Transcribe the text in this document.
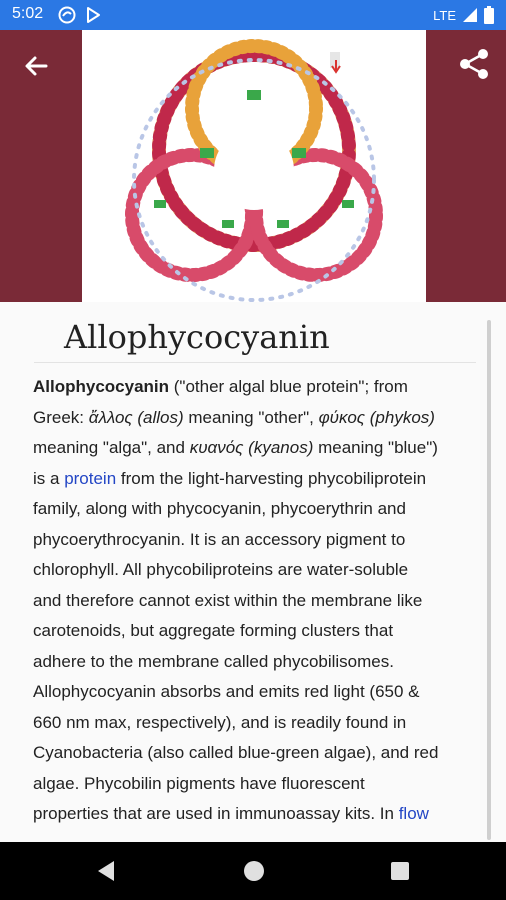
5:02	LTE
Allophycocyanin
Allophycocyanin ("other algal blue protein"; from
Greek: ἄλλος (allos) meaning "other", φύκος (phykos)
meaning "alga", and κυανός (kyanos) meaning "blue")
is a protein from the light-harvesting phycobiliprotein
family, along with phycocyanin, phycoerythrin and
phycoerythrocyanin. It is an accessory pigment to
chlorophyll. All phycobiliproteins are water-soluble
and therefore cannot exist within the membrane like
carotenoids, but aggregate forming clusters that
adhere to the membrane called phycobilisomes.
Allophycocyanin absorbs and emits red light (650 &
660 nm max, respectively), and is readily found in
Cyanobacteria (also called blue-green algae), and red
algae. Phycobilin pigments have fluorescent
properties that are used in immunoassay kits. In flow
